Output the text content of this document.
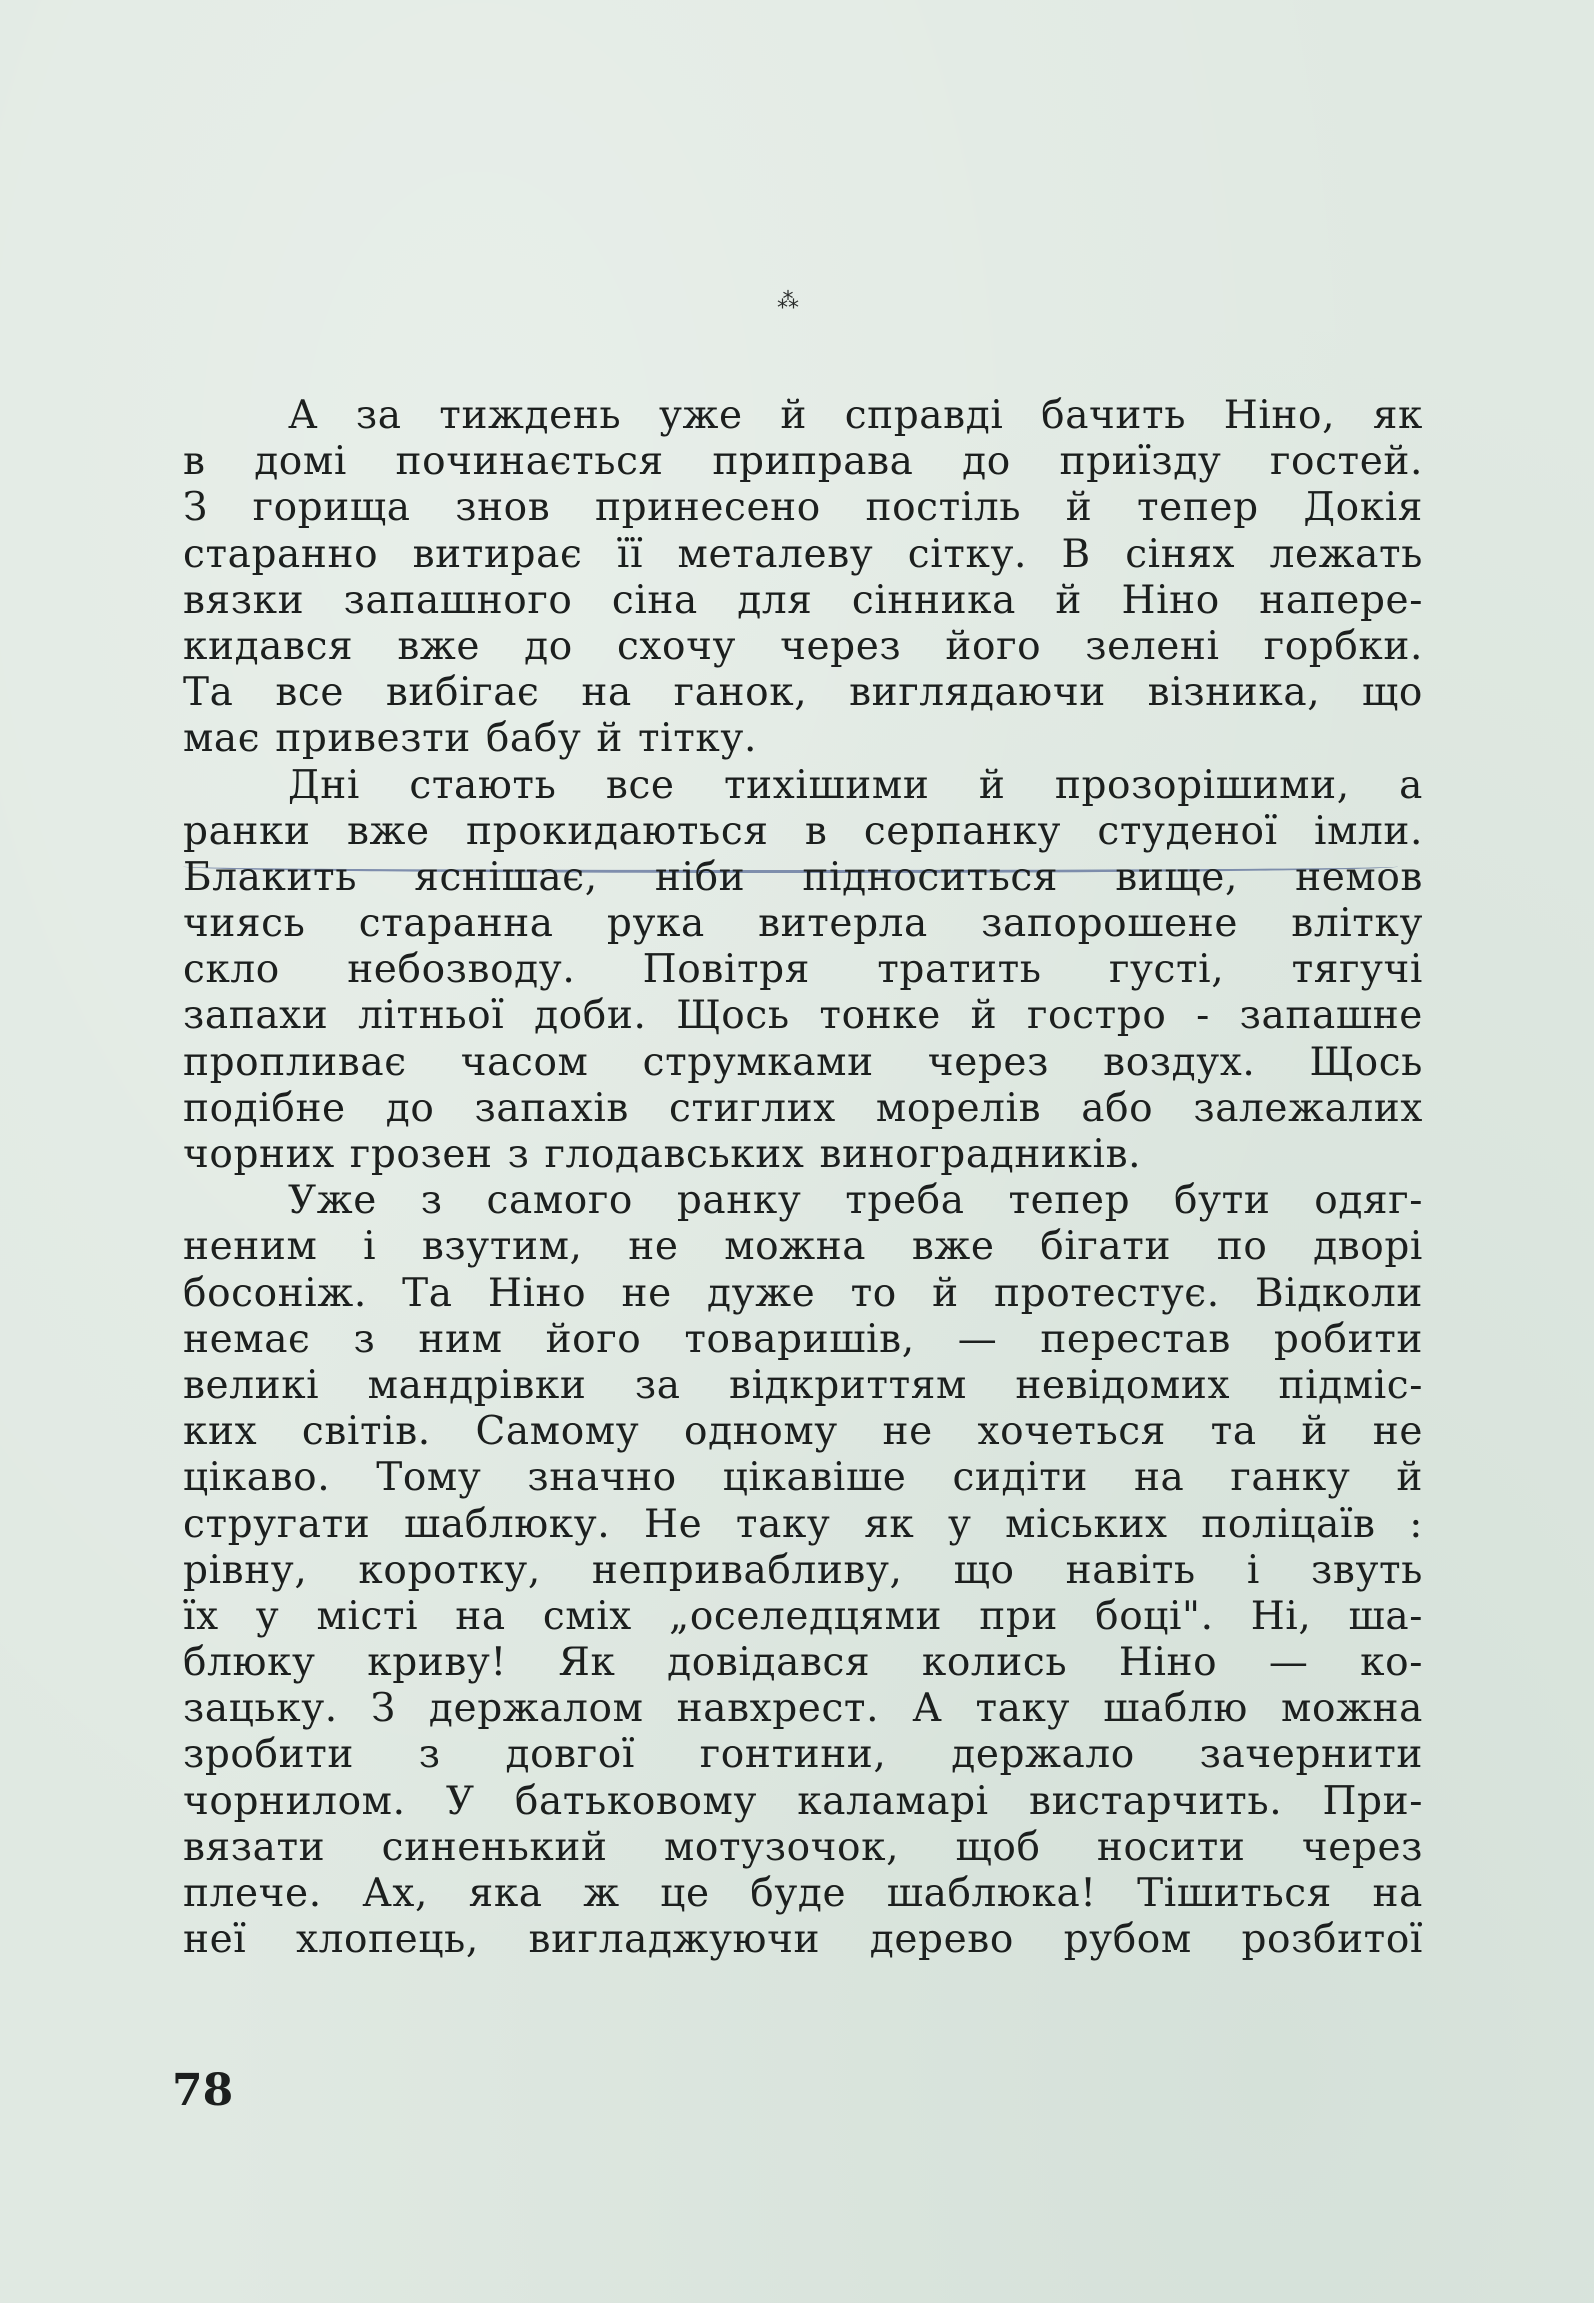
⁂
А за тиждень уже й справді бачить Ніно, як
в домі починається приправа до приїзду гостей.
З горища знов принесено постіль й тепер Докія
старанно витирає її металеву сітку. В сінях лежать
вязки запашного сіна для сінника й Ніно напере-
кидався вже до схочу через його зелені горбки.
Та все вибігає на ганок, виглядаючи візника, що
має привезти бабу й тітку.
Дні стають все тихішими й прозорішими, а
ранки вже прокидаються в серпанку студеної імли.
Блакить яснішає, ніби підноситься вище, немов
чиясь старанна рука витерла запорошене влітку
скло небозводу. Повітря тратить густі, тягучі
запахи літньої доби. Щось тонке й гостро - запашне
пропливає часом струмками через воздух. Щось
подібне до запахів стиглих морелів або залежалих
чорних грозен з глодавських виноградників.
Уже з самого ранку треба тепер бути одяг-
неним і взутим, не можна вже бігати по дворі
босоніж. Та Ніно не дуже то й протестує. Відколи
немає з ним його товаришів, — перестав робити
великі мандрівки за відкриттям невідомих підміс-
ких світів. Самому одному не хочеться та й не
цікаво. Тому значно цікавіше сидіти на ганку й
стругати шаблюку. Не таку як у міських поліцаїв :
рівну, коротку, непривабливу, що навіть і звуть
їх у місті на сміх „оселедцями при боці". Ні, ша-
блюку криву! Як довідався колись Ніно — ко-
зацьку. З держалом навхрест. А таку шаблю можна
зробити з довгої гонтини, держало зачернити
чорнилом. У батьковому каламарі вистарчить. При-
вязати синенький мотузочок, щоб носити через
плече. Ах, яка ж це буде шаблюка! Тішиться на
неї хлопець, вигладжуючи дерево рубом розбитої
78
